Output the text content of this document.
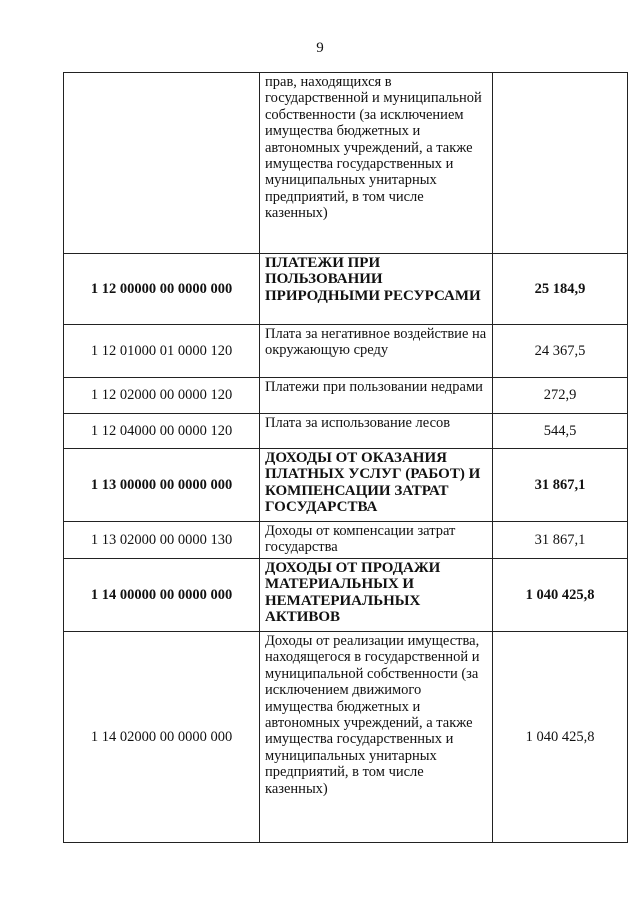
9
	прав, находящихся в государственной и муниципальной собственности (за исключением имущества бюджетных и автономных учреждений, а также имущества государственных и муниципальных унитарных предприятий, в том числе казенных)	
1 12 00000 00 0000 000	ПЛАТЕЖИ ПРИ ПОЛЬЗОВАНИИ ПРИРОДНЫМИ РЕСУРСАМИ	25 184,9
1 12 01000 01 0000 120	Плата за негативное воздействие на окружающую среду	24 367,5
1 12 02000 00 0000 120	Платежи при пользовании недрами	272,9
1 12 04000 00 0000 120	Плата за использование лесов	544,5
1 13 00000 00 0000 000	ДОХОДЫ ОТ ОКАЗАНИЯ ПЛАТНЫХ УСЛУГ (РАБОТ) И КОМПЕНСАЦИИ ЗАТРАТ ГОСУДАРСТВА	31 867,1
1 13 02000 00 0000 130	Доходы от компенсации затрат государства	31 867,1
1 14 00000 00 0000 000	ДОХОДЫ ОТ ПРОДАЖИ МАТЕРИАЛЬНЫХ И НЕМАТЕРИАЛЬНЫХ АКТИВОВ	1 040 425,8
1 14 02000 00 0000 000	Доходы от реализации имущества, находящегося в государственной и муниципальной собственности (за исключением движимого имущества бюджетных и автономных учреждений, а также имущества государственных и муниципальных унитарных предприятий, в том числе казенных)	1 040 425,8
